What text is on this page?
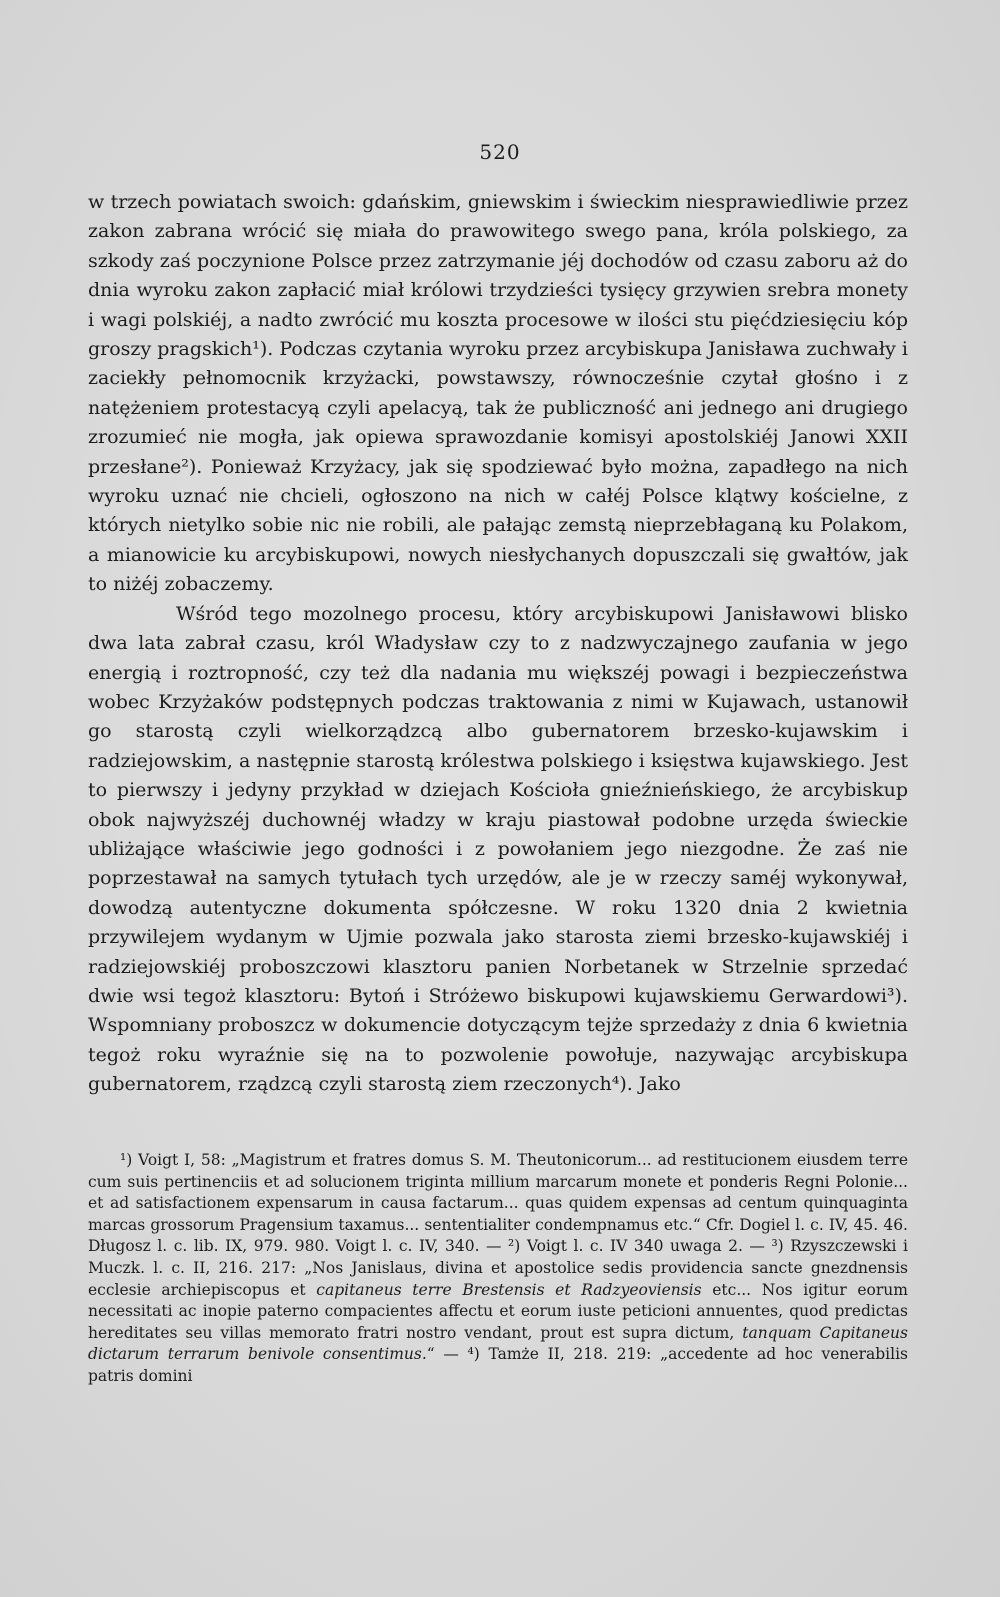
520

w trzech powiatach swoich: gdańskim, gniewskim i świeckim niesprawiedliwie przez zakon zabrana wrócić się miała do prawowitego swego pana, króla polskiego, za szkody zaś poczynione Polsce przez zatrzymanie jéj dochodów od czasu zaboru aż do dnia wyroku zakon zapłacić miał królowi trzydzieści tysięcy grzywien srebra monety i wagi polskiéj, a nadto zwrócić mu koszta procesowe w ilości stu pięćdziesięciu kóp groszy pragskich¹). Podczas czytania wyroku przez arcybiskupa Janisława zuchwały i zaciekły pełnomocnik krzyżacki, powstawszy, równocześnie czytał głośno i z natężeniem protestacyą czyli apelacyą, tak że publiczność ani jednego ani drugiego zrozumieć nie mogła, jak opiewa sprawozdanie komisyi apostolskiéj Janowi XXII przesłane²). Ponieważ Krzyżacy, jak się spodziewać było można, zapadłego na nich wyroku uznać nie chcieli, ogłoszono na nich w całéj Polsce klątwy kościelne, z których nietylko sobie nic nie robili, ale pałając zemstą nieprzebłaganą ku Polakom, a mianowicie ku arcybiskupowi, nowych niesłychanych dopuszczali się gwałtów, jak to niżéj zobaczemy.

Wśród tego mozolnego procesu, który arcybiskupowi Janisławowi blisko dwa lata zabrał czasu, król Władysław czy to z nadzwyczajnego zaufania w jego energią i roztropność, czy też dla nadania mu większéj powagi i bezpieczeństwa wobec Krzyżaków podstępnych podczas traktowania z nimi w Kujawach, ustanowił go starostą czyli wielkorządzcą albo gubernatorem brzesko-kujawskim i radziejowskim, a następnie starostą królestwa polskiego i księstwa kujawskiego. Jest to pierwszy i jedyny przykład w dziejach Kościoła gnieźnieńskiego, że arcybiskup obok najwyższéj duchownéj władzy w kraju piastował podobne urzęda świeckie ubliżające właściwie jego godności i z powołaniem jego niezgodne. Że zaś nie poprzestawał na samych tytułach tych urzędów, ale je w rzeczy saméj wykonywał, dowodzą autentyczne dokumenta spółczesne. W roku 1320 dnia 2 kwietnia przywilejem wydanym w Ujmie pozwala jako starosta ziemi brzesko-kujawskiéj i radziejowskiéj proboszczowi klasztoru panien Norbetanek w Strzelnie sprzedać dwie wsi tegoż klasztoru: Bytoń i Stróżewo biskupowi kujawskiemu Gerwardowi³). Wspomniany proboszcz w dokumencie dotyczącym tejże sprzedaży z dnia 6 kwietnia tegoż roku wyraźnie się na to pozwolenie powołuje, nazywając arcybiskupa gubernatorem, rządzcą czyli starostą ziem rzeczonych⁴). Jako

¹) Voigt I, 58: „Magistrum et fratres domus S. M. Theutonicorum... ad restitucionem eiusdem terre cum suis pertinenciis et ad solucionem triginta millium marcarum monete et ponderis Regni Polonie... et ad satisfactionem expensarum in causa factarum... quas quidem expensas ad centum quinquaginta marcas grossorum Pragensium taxamus... sententialiter condempnamus etc.“ Cfr. Dogiel l. c. IV, 45. 46. Długosz l. c. lib. IX, 979. 980. Voigt l. c. IV, 340. — ²) Voigt l. c. IV 340 uwaga 2. — ³) Rzyszczewski i Muczk. l. c. II, 216. 217: „Nos Janislaus, divina et apostolice sedis providencia sancte gnezdnensis ecclesie archiepiscopus et capitaneus terre Brestensis et Radzyeoviensis etc... Nos igitur eorum necessitati ac inopie paterno compacientes affectu et eorum iuste peticioni annuentes, quod predictas hereditates seu villas memorato fratri nostro vendant, prout est supra dictum, tanquam Capitaneus dictarum terrarum benivole consentimus.“ — ⁴) Tamże II, 218. 219: „accedente ad hoc venerabilis patris domini
